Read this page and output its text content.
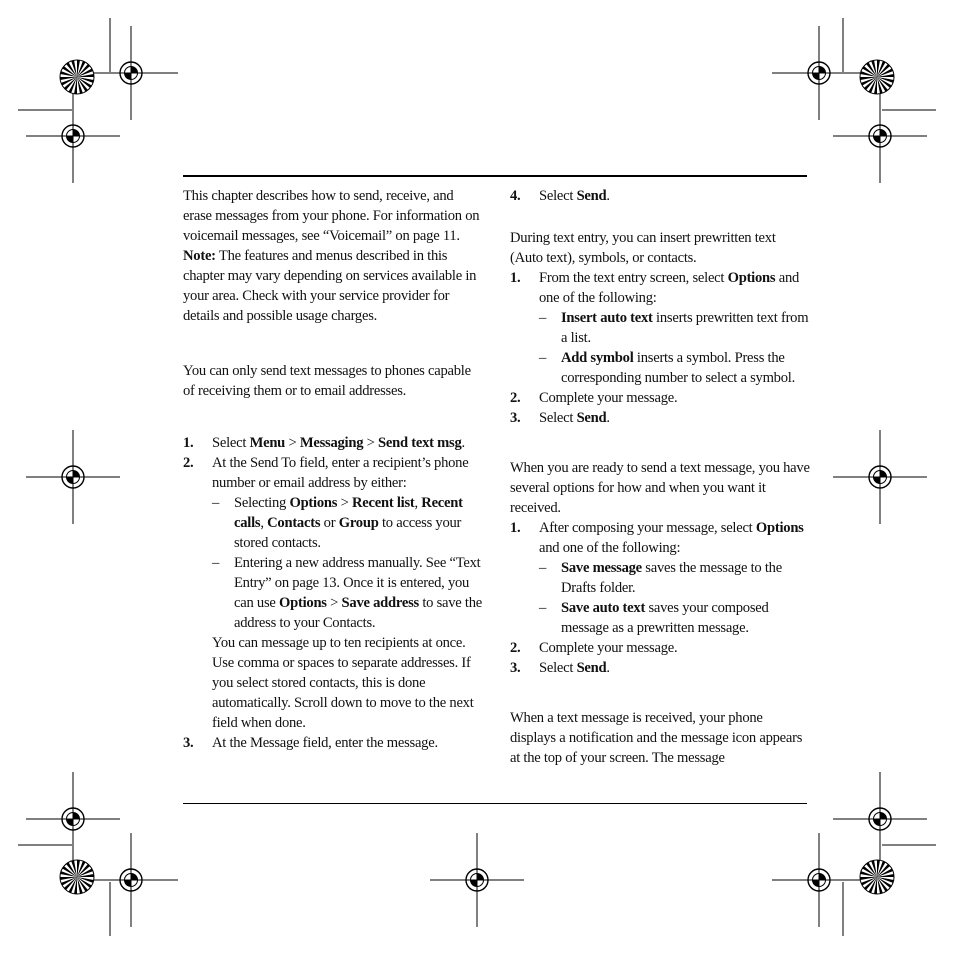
This chapter describes how to send, receive, and erase messages from your phone. For information on voicemail messages, see “Voicemail” on page 11.

Note: The features and menus described in this chapter may vary depending on services available in your area. Check with your service provider for details and possible usage charges.

You can only send text messages to phones capable of receiving them or to email addresses.

1. Select Menu > Messaging > Send text msg.
2. At the Send To field, enter a recipient’s phone number or email address by either:
– Selecting Options > Recent list, Recent calls, Contacts or Group to access your stored contacts.
– Entering a new address manually. See “Text Entry” on page 13. Once it is entered, you can use Options > Save address to save the address to your Contacts.

You can message up to ten recipients at once. Use comma or spaces to separate addresses. If you select stored contacts, this is done automatically. Scroll down to move to the next field when done.

3. At the Message field, enter the message.
4. Select Send.

During text entry, you can insert prewritten text (Auto text), symbols, or contacts.

1. From the text entry screen, select Options and one of the following:
– Insert auto text inserts prewritten text from a list.
– Add symbol inserts a symbol. Press the corresponding number to select a symbol.
2. Complete your message.
3. Select Send.

When you are ready to send a text message, you have several options for how and when you want it received.

1. After composing your message, select Options and one of the following:
– Save message saves the message to the Drafts folder.
– Save auto text saves your composed message as a prewritten message.
2. Complete your message.
3. Select Send.

When a text message is received, your phone displays a notification and the message icon appears at the top of your screen. The message
